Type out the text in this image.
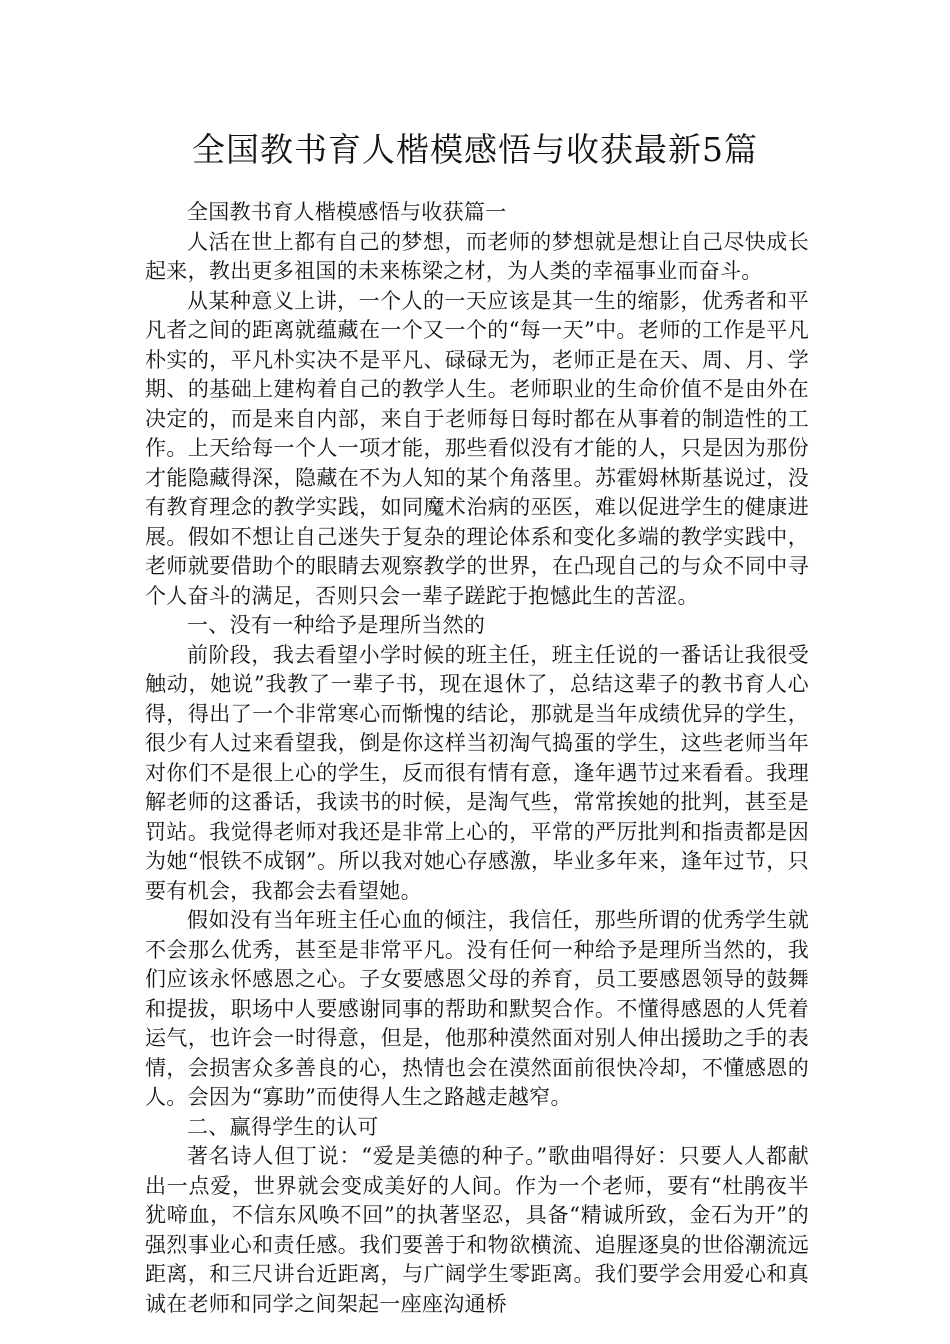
全国教书育人楷模感悟与收获最新5篇

全国教书育人楷模感悟与收获篇一

人活在世上都有自己的梦想，而老师的梦想就是想让自己尽快成长起来，教出更多祖国的未来栋梁之材，为人类的幸福事业而奋斗。

从某种意义上讲，一个人的一天应该是其一生的缩影，优秀者和平凡者之间的距离就蕴藏在一个又一个的“每一天”中。老师的工作是平凡朴实的，平凡朴实决不是平凡、碌碌无为，老师正是在天、周、月、学期、的基础上建构着自己的教学人生。老师职业的生命价值不是由外在决定的，而是来自内部，来自于老师每日每时都在从事着的制造性的工作。上天给每一个人一项才能，那些看似没有才能的人，只是因为那份才能隐藏得深，隐藏在不为人知的某个角落里。苏霍姆林斯基说过，没有教育理念的教学实践，如同魔术治病的巫医，难以促进学生的健康进展。假如不想让自己迷失于复杂的理论体系和变化多端的教学实践中，老师就要借助个的眼睛去观察教学的世界，在凸现自己的与众不同中寻个人奋斗的满足，否则只会一辈子蹉跎于抱憾此生的苦涩。

一、没有一种给予是理所当然的

前阶段，我去看望小学时候的班主任，班主任说的一番话让我很受触动，她说”我教了一辈子书，现在退休了，总结这辈子的教书育人心得，得出了一个非常寒心而惭愧的结论，那就是当年成绩优异的学生，很少有人过来看望我，倒是你这样当初淘气捣蛋的学生，这些老师当年对你们不是很上心的学生，反而很有情有意，逢年遇节过来看看。我理解老师的这番话，我读书的时候，是淘气些，常常挨她的批判，甚至是罚站。我觉得老师对我还是非常上心的，平常的严厉批判和指责都是因为她“恨铁不成钢”。所以我对她心存感激，毕业多年来，逢年过节，只要有机会，我都会去看望她。

假如没有当年班主任心血的倾注，我信任，那些所谓的优秀学生就不会那么优秀，甚至是非常平凡。没有任何一种给予是理所当然的，我们应该永怀感恩之心。子女要感恩父母的养育，员工要感恩领导的鼓舞和提拔，职场中人要感谢同事的帮助和默契合作。不懂得感恩的人凭着运气，也许会一时得意，但是，他那种漠然面对别人伸出援助之手的表情，会损害众多善良的心，热情也会在漠然面前很快冷却，不懂感恩的人。会因为“寡助”而使得人生之路越走越窄。

二、赢得学生的认可

著名诗人但丁说：“爱是美德的种子。”歌曲唱得好：只要人人都献出一点爱，世界就会变成美好的人间。作为一个老师，要有“杜鹃夜半犹啼血，不信东风唤不回”的执著坚忍，具备“精诚所致，金石为开”的强烈事业心和责任感。我们要善于和物欲横流、追腥逐臭的世俗潮流远距离，和三尺讲台近距离，与广阔学生零距离。我们要学会用爱心和真诚在老师和同学之间架起一座座沟通桥
